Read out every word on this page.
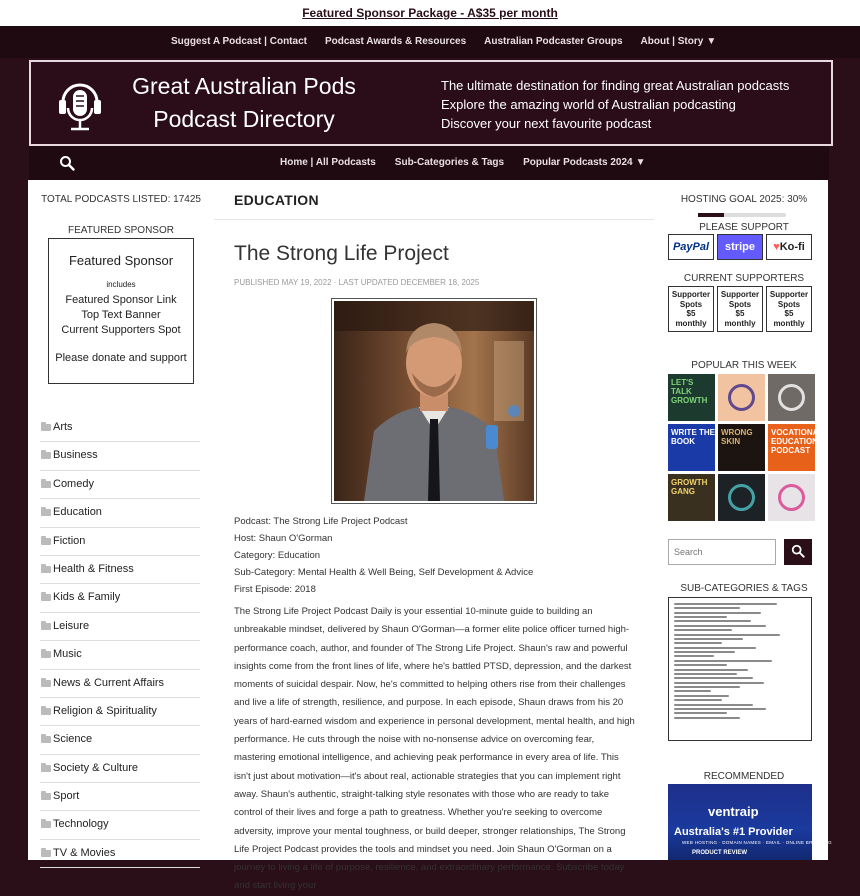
Featured Sponsor Package - A$35 per month
Suggest A Podcast | Contact Podcast Awards & Resources Australian Podcaster Groups About | Story ▼
Great Australian Pods
Podcast Directory
The ultimate destination for finding great Australian podcasts
Explore the amazing world of Australian podcasting
Discover your next favourite podcast
Home | All Podcasts Sub-Categories & Tags Popular Podcasts 2024 ▼
TOTAL PODCASTS LISTED: 17425
FEATURED SPONSOR
Featured Sponsor
includes
Featured Sponsor Link
Top Text Banner
Current Supporters Spot
Please donate and support
Arts
Business
Comedy
Education
Fiction
Health & Fitness
Kids & Family
Leisure
Music
News & Current Affairs
Religion & Spirituality
Science
Society & Culture
Sport
Technology
TV & Movies
EDUCATION
The Strong Life Project
PUBLISHED MAY 19, 2022 · LAST UPDATED DECEMBER 18, 2025
Podcast: The Strong Life Project Podcast
Host: Shaun O'Gorman
Category: Education
Sub-Category: Mental Health & Well Being, Self Development & Advice
First Episode: 2018
The Strong Life Project Podcast Daily is your essential 10-minute guide to building an unbreakable mindset, delivered by Shaun O'Gorman—a former elite police officer turned high-performance coach, author, and founder of The Strong Life Project. Shaun's raw and powerful insights come from the front lines of life, where he's battled PTSD, depression, and the darkest moments of suicidal despair. Now, he's committed to helping others rise from their challenges and live a life of strength, resilience, and purpose. In each episode, Shaun draws from his 20 years of hard-earned wisdom and experience in personal development, mental health, and high performance. He cuts through the noise with no-nonsense advice on overcoming fear, mastering emotional intelligence, and achieving peak performance in every area of life. This isn't just about motivation—it's about real, actionable strategies that you can implement right away. Shaun's authentic, straight-talking style resonates with those who are ready to take control of their lives and forge a path to greatness. Whether you're seeking to overcome adversity, improve your mental toughness, or build deeper, stronger relationships, The Strong Life Project Podcast provides the tools and mindset you need. Join Shaun O'Gorman on a journey to living a life of purpose, resilience, and extraordinary performance. Subscribe today and start living your
HOSTING GOAL 2025: 30%
PLEASE SUPPORT
PayPal	stripe	♥Ko-fi
CURRENT SUPPORTERS
Supporter
Spots
$5
monthly
Supporter
Spots
$5
monthly
Supporter
Spots
$5
monthly
POPULAR THIS WEEK
LET'S TALK GROWTH
WRITE THE BOOK
WRONG SKIN
VOCATIONAL EDUCATION PODCAST
GROWTH GANG
Search
SUB-CATEGORIES & TAGS
RECOMMENDED
ventraip
Australia's #1 Provider
WEB HOSTING · DOMAIN NAMES · EMAIL · ONLINE BRANDING
PRODUCT REVIEW
